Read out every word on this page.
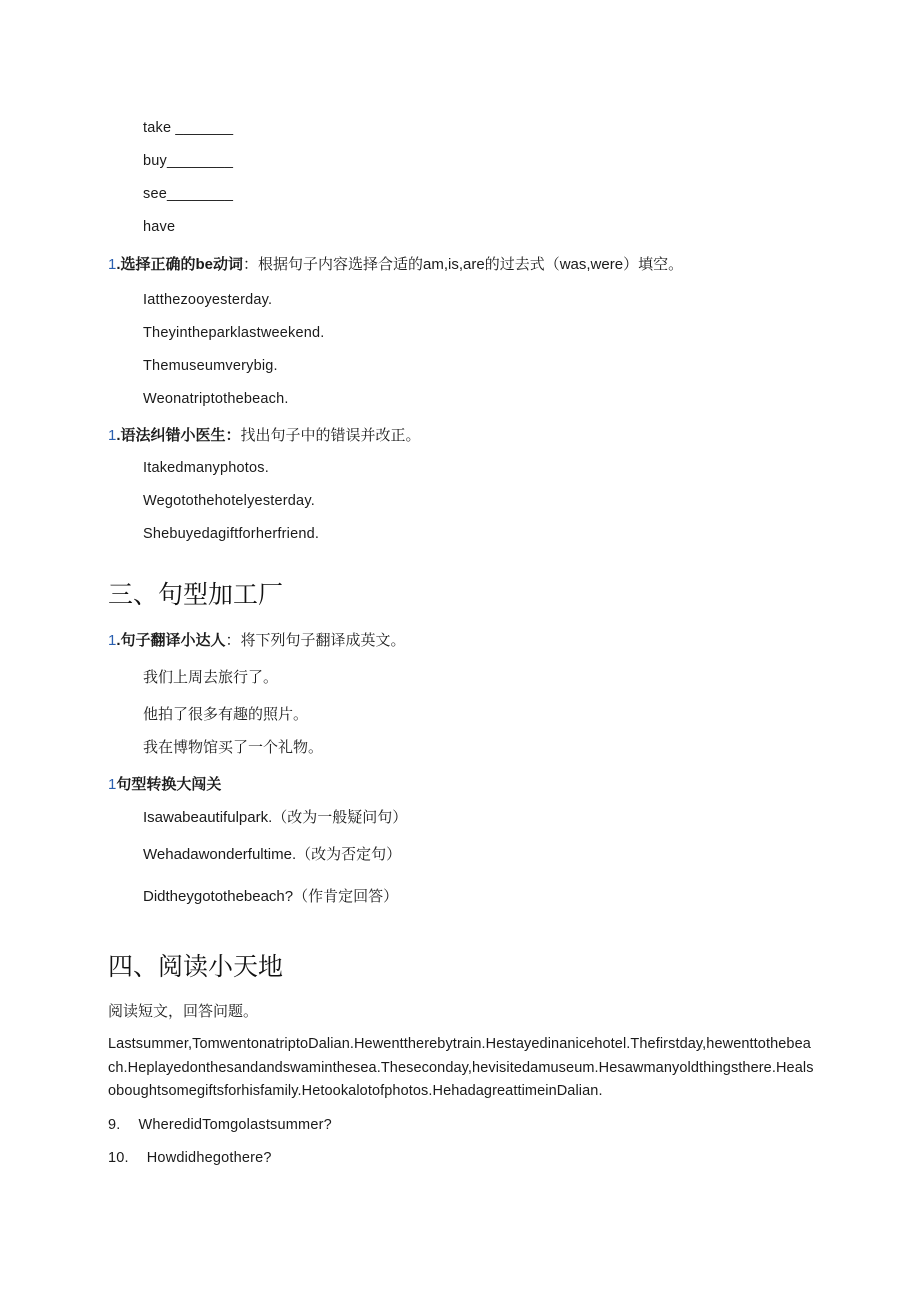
take _______
buy________
see________
have
1.选择正确的be动词：根据句子内容选择合适的am,is,are的过去式（was,were）填空。
Iatthezooyesterday.
Theyintheparklastweekend.
Themuseumverybig.
Weonatriptothebeach.
1.语法纠错小医生：找出句子中的错误并改正。
Itakedmanyphotos.
Wegotothehotelyesterday.
Shebuyedagiftforherfriend.
三、句型加工厂
1.句子翻译小达人：将下列句子翻译成英文。
我们上周去旅行了。
他拍了很多有趣的照片。
我在博物馆买了一个礼物。
1句型转换大闯关
Isawabeautifulpark.（改为一般疑问句）
Wehadawonderfultime.（改为否定句）
Didtheygotothebeach?（作肯定回答）
四、阅读小天地
阅读短文，回答问题。
Lastsummer,TomwentonatriptoDalian.Hewenttherebytrain.Hestayedinanicehotel.Thefirstday,hewenttothebeach.Heplayedonthesandandswaminthesea.Theseconday,hevisitedamuseum.Hesawmanyoldthingsthere.Healsoboughtsomegiftsforhisfamily.Hetookalotofphotos.HehadagreattimeinDalian.
9. WheredidTomgolastsummer?
10. Howdidhegothere?
